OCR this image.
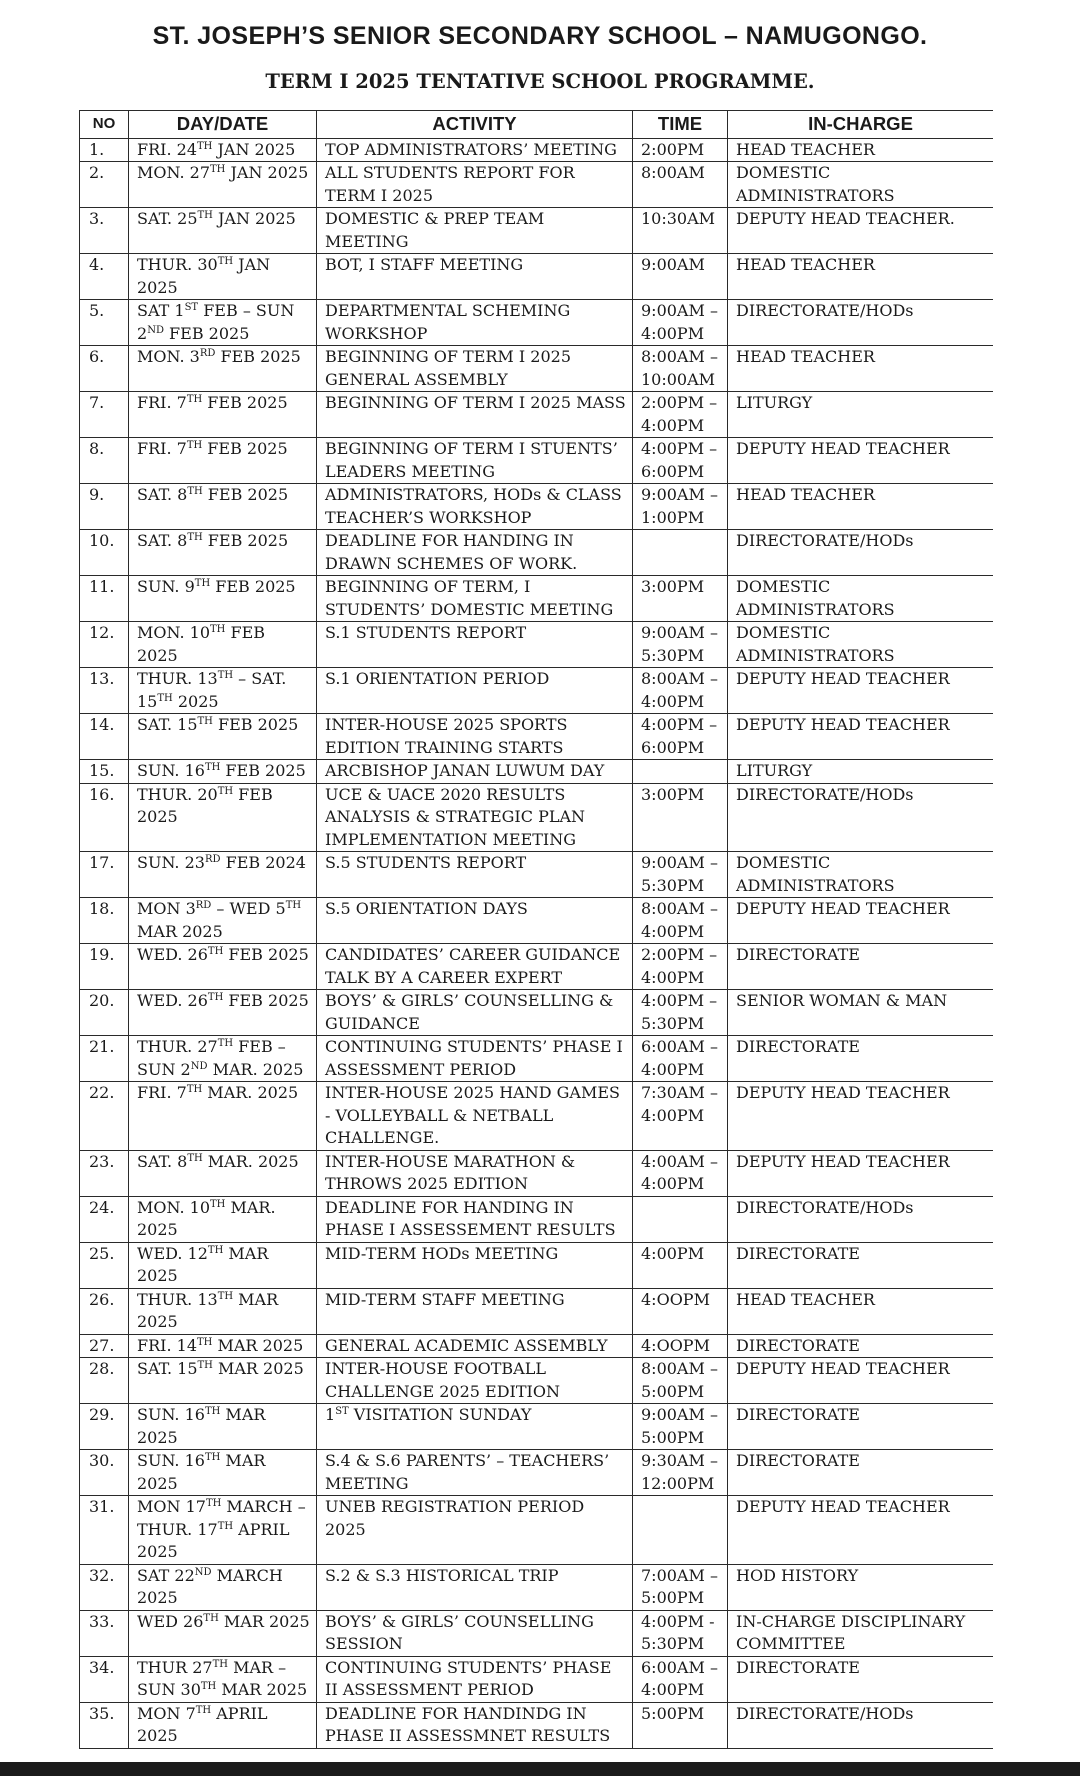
ST. JOSEPH’S SENIOR SECONDARY SCHOOL – NAMUGONGO.
TERM I 2025 TENTATIVE SCHOOL PROGRAMME.
NO	DAY/DATE	ACTIVITY	TIME	IN-CHARGE
1.	FRI. 24TH JAN 2025	TOP ADMINISTRATORS’ MEETING	2:00PM	HEAD TEACHER
2.	MON. 27TH JAN 2025	ALL STUDENTS REPORT FOR TERM I 2025	8:00AM	DOMESTIC ADMINISTRATORS
3.	SAT. 25TH JAN 2025	DOMESTIC & PREP TEAM MEETING	10:30AM	DEPUTY HEAD TEACHER.
4.	THUR. 30TH JAN 2025	BOT, I STAFF MEETING	9:00AM	HEAD TEACHER
5.	SAT 1ST FEB – SUN 2ND FEB 2025	DEPARTMENTAL SCHEMING WORKSHOP	9:00AM – 4:00PM	DIRECTORATE/HODs
6.	MON. 3RD FEB 2025	BEGINNING OF TERM I 2025 GENERAL ASSEMBLY	8:00AM – 10:00AM	HEAD TEACHER
7.	FRI. 7TH FEB 2025	BEGINNING OF TERM I 2025 MASS	2:00PM – 4:00PM	LITURGY
8.	FRI. 7TH FEB 2025	BEGINNING OF TERM I STUENTS’ LEADERS MEETING	4:00PM – 6:00PM	DEPUTY HEAD TEACHER
9.	SAT. 8TH FEB 2025	ADMINISTRATORS, HODs & CLASS TEACHER’S WORKSHOP	9:00AM – 1:00PM	HEAD TEACHER
10.	SAT. 8TH FEB 2025	DEADLINE FOR HANDING IN DRAWN SCHEMES OF WORK.		DIRECTORATE/HODs
11.	SUN. 9TH FEB 2025	BEGINNING OF TERM, I STUDENTS’ DOMESTIC MEETING	3:00PM	DOMESTIC ADMINISTRATORS
12.	MON. 10TH FEB 2025	S.1 STUDENTS REPORT	9:00AM – 5:30PM	DOMESTIC ADMINISTRATORS
13.	THUR. 13TH – SAT. 15TH 2025	S.1 ORIENTATION PERIOD	8:00AM – 4:00PM	DEPUTY HEAD TEACHER
14.	SAT. 15TH FEB 2025	INTER-HOUSE 2025 SPORTS EDITION TRAINING STARTS	4:00PM – 6:00PM	DEPUTY HEAD TEACHER
15.	SUN. 16TH FEB 2025	ARCBISHOP JANAN LUWUM DAY		LITURGY
16.	THUR. 20TH FEB 2025	UCE & UACE 2020 RESULTS ANALYSIS & STRATEGIC PLAN IMPLEMENTATION MEETING	3:00PM	DIRECTORATE/HODs
17.	SUN. 23RD FEB 2024	S.5 STUDENTS REPORT	9:00AM – 5:30PM	DOMESTIC ADMINISTRATORS
18.	MON 3RD – WED 5TH MAR 2025	S.5 ORIENTATION DAYS	8:00AM – 4:00PM	DEPUTY HEAD TEACHER
19.	WED. 26TH FEB 2025	CANDIDATES’ CAREER GUIDANCE TALK BY A CAREER EXPERT	2:00PM – 4:00PM	DIRECTORATE
20.	WED. 26TH FEB 2025	BOYS’ & GIRLS’ COUNSELLING & GUIDANCE	4:00PM – 5:30PM	SENIOR WOMAN & MAN
21.	THUR. 27TH FEB – SUN 2ND MAR. 2025	CONTINUING STUDENTS’ PHASE I ASSESSMENT PERIOD	6:00AM – 4:00PM	DIRECTORATE
22.	FRI. 7TH MAR. 2025	INTER-HOUSE 2025 HAND GAMES - VOLLEYBALL & NETBALL CHALLENGE.	7:30AM – 4:00PM	DEPUTY HEAD TEACHER
23.	SAT. 8TH MAR. 2025	INTER-HOUSE MARATHON & THROWS 2025 EDITION	4:00AM – 4:00PM	DEPUTY HEAD TEACHER
24.	MON. 10TH MAR. 2025	DEADLINE FOR HANDING IN PHASE I ASSESSEMENT RESULTS		DIRECTORATE/HODs
25.	WED. 12TH MAR 2025	MID-TERM HODs MEETING	4:00PM	DIRECTORATE
26.	THUR. 13TH MAR 2025	MID-TERM STAFF MEETING	4:OOPM	HEAD TEACHER
27.	FRI. 14TH MAR 2025	GENERAL ACADEMIC ASSEMBLY	4:OOPM	DIRECTORATE
28.	SAT. 15TH MAR 2025	INTER-HOUSE FOOTBALL CHALLENGE 2025 EDITION	8:00AM – 5:00PM	DEPUTY HEAD TEACHER
29.	SUN. 16TH MAR 2025	1ST VISITATION SUNDAY	9:00AM – 5:00PM	DIRECTORATE
30.	SUN. 16TH MAR 2025	S.4 & S.6 PARENTS’ – TEACHERS’ MEETING	9:30AM – 12:00PM	DIRECTORATE
31.	MON 17TH MARCH – THUR. 17TH APRIL 2025	UNEB REGISTRATION PERIOD 2025		DEPUTY HEAD TEACHER
32.	SAT 22ND MARCH 2025	S.2 & S.3 HISTORICAL TRIP	7:00AM – 5:00PM	HOD HISTORY
33.	WED 26TH MAR 2025	BOYS’ & GIRLS’ COUNSELLING SESSION	4:00PM - 5:30PM	IN-CHARGE DISCIPLINARY COMMITTEE
34.	THUR 27TH MAR – SUN 30TH MAR 2025	CONTINUING STUDENTS’ PHASE II ASSESSMENT PERIOD	6:00AM – 4:00PM	DIRECTORATE
35.	MON 7TH APRIL 2025	DEADLINE FOR HANDINDG IN PHASE II ASSESSMNET RESULTS	5:00PM	DIRECTORATE/HODs
